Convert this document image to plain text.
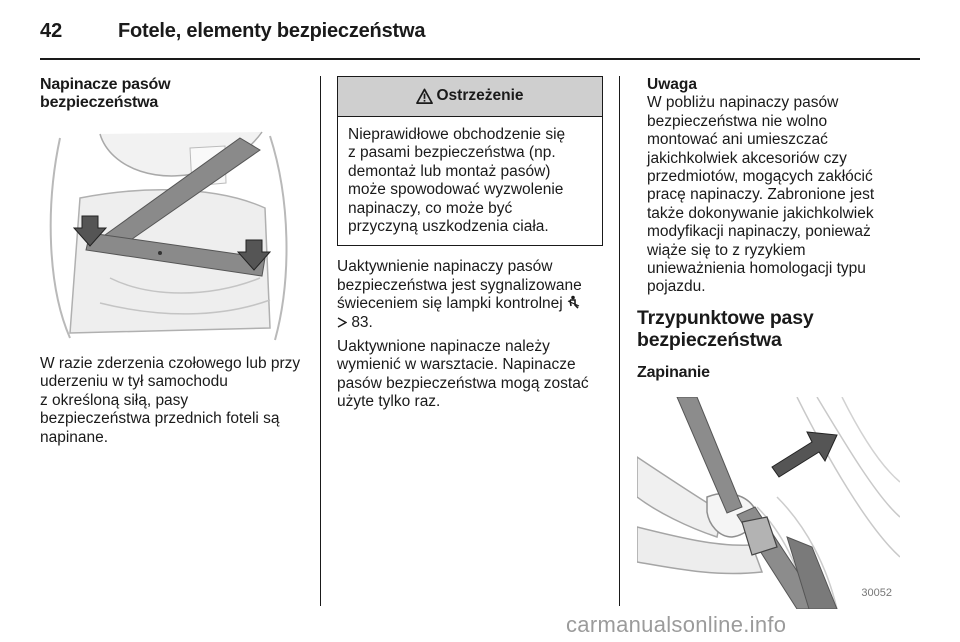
42	Fotele, elementy bezpieczeństwa
Napinacze pasów
bezpieczeństwa
W razie zderzenia czołowego lub przy
uderzeniu w tył samochodu
z określoną siłą, pasy
bezpieczeństwa przednich foteli są
napinane.
Ostrzeżenie
Nieprawidłowe obchodzenie się
z pasami bezpieczeństwa (np.
demontaż lub montaż pasów)
może spowodować wyzwolenie
napinaczy, co może być
przyczyną uszkodzenia ciała.
Uaktywnienie napinaczy pasów
bezpieczeństwa jest sygnalizowane
świeceniem się lampki kontrolnej
83.
Uaktywnione napinacze należy
wymienić w warsztacie. Napinacze
pasów bezpieczeństwa mogą zostać
użyte tylko raz.
Uwaga
W pobliżu napinaczy pasów
bezpieczeństwa nie wolno
montować ani umieszczać
jakichkolwiek akcesoriów czy
przedmiotów, mogących zakłócić
pracę napinaczy. Zabronione jest
także dokonywanie jakichkolwiek
modyfikacji napinaczy, ponieważ
wiąże się to z ryzykiem
unieważnienia homologacji typu
pojazdu.
Trzypunktowe pasy
bezpieczeństwa
Zapinanie
30052
carmanualsonline.info
